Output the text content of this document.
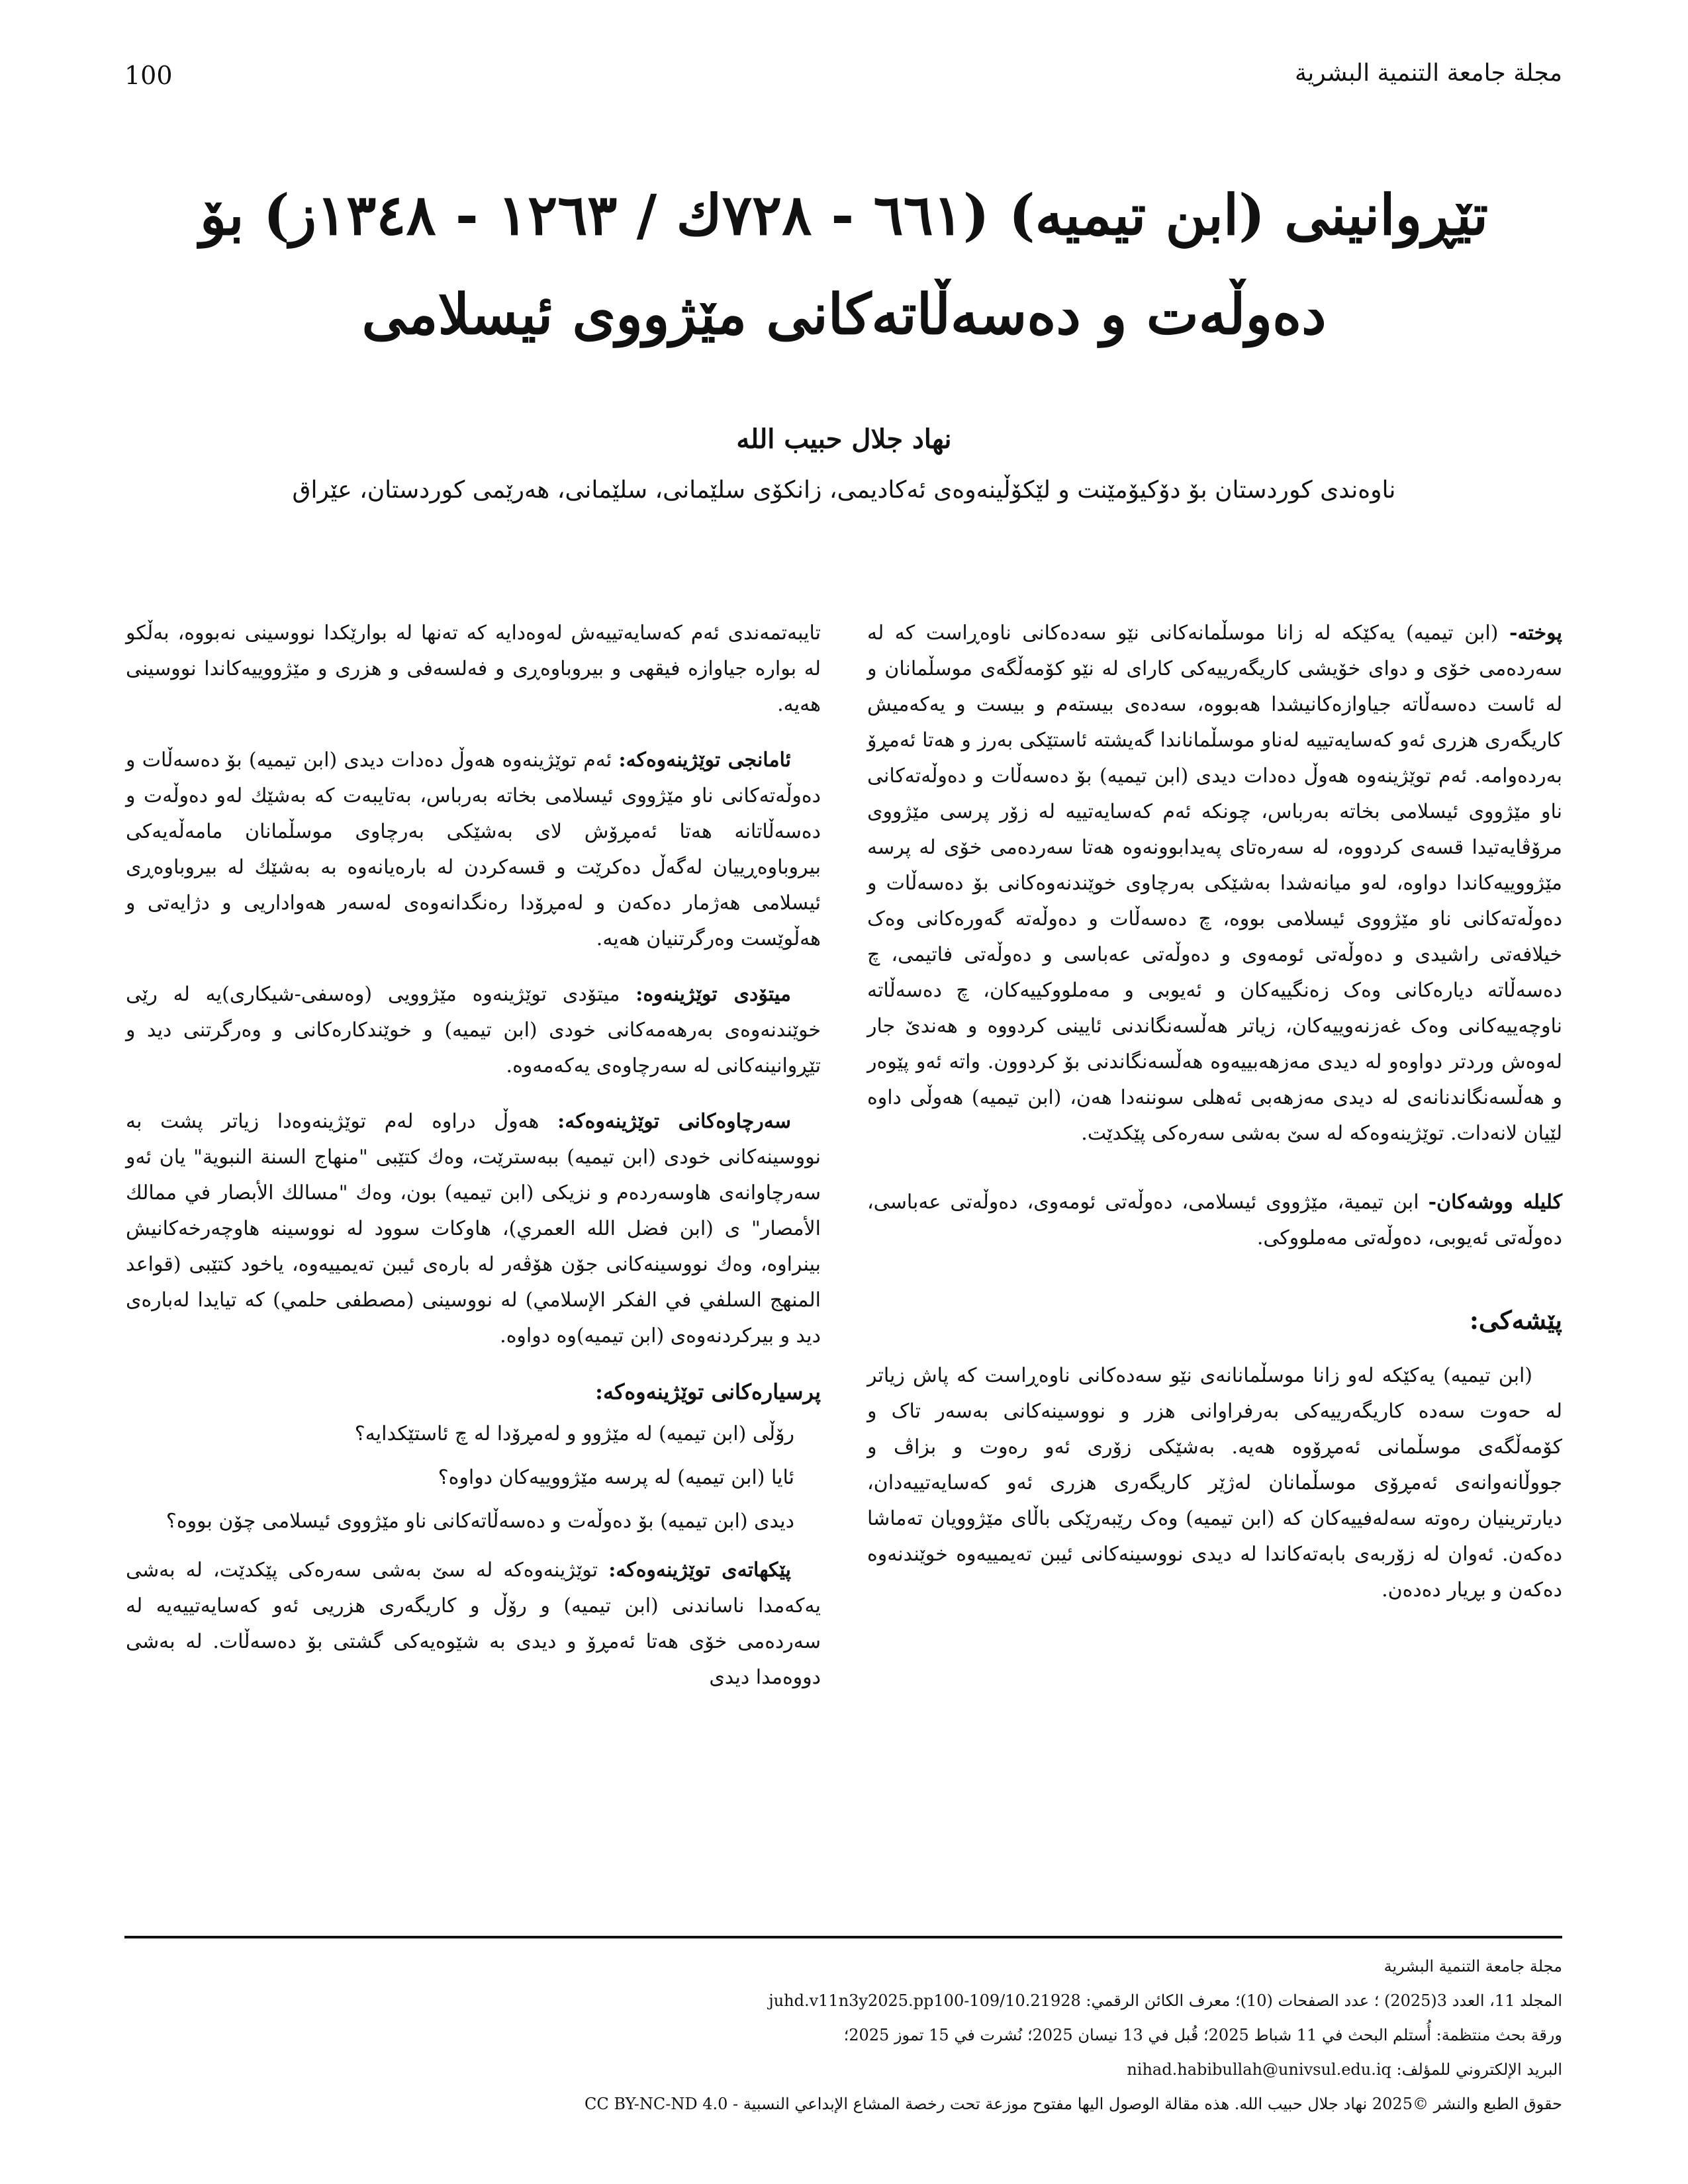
100	مجلة جامعة التنمية البشرية
تێڕوانینی (ابن تيمیه) (٦٦١ - ٧٢٨ك / ١٢٦٣ - ١٣٤٨ز) بۆ دەوڵەت و دەسەڵاتەکانی مێژووی ئیسلامی
نهاد جلال حبيب الله
ناوەندی کوردستان بۆ دۆکیۆمێنت و لێکۆڵینەوەی ئەکادیمی، زانکۆی سلێمانی، سلێمانی، هەرێمی کوردستان، عێراق

پوختە- (ابن تيمیه) یەکێکە لە زانا موسڵمانەکانی نێو سەدەکانی ناوەڕاست کە لە سەردەمی خۆی و دوای خۆیشی کاریگەرییەکی کارای لە نێو کۆمەڵگەی موسڵمانان و لە ئاست دەسەڵاتە جیاوازەکانیشدا هەبووە، سەدەی بیستەم و بیست و یەکەمیش کاریگەری هزری ئەو کەسایەتییە لەناو موسڵماناندا گەیشتە ئاستێکی بەرز و هەتا ئەمڕۆ بەردەوامە. ئەم توێژینەوە هەوڵ دەدات دیدی (ابن تيمیه) بۆ دەسەڵات و دەوڵەتەکانی ناو مێژووی ئیسلامی بخاتە بەرباس، چونکە ئەم کەسایەتییە لە زۆر پرسی مێژووی مرۆڤایەتیدا قسەی کردووە، لە سەرەتای پەیدابوونەوە هەتا سەردەمی خۆی لە پرسە مێژووییەکاندا دواوە، لەو میانەشدا بەشێکی بەرچاوی خوێندنەوەکانی بۆ دەسەڵات و دەوڵەتەکانی ناو مێژووی ئیسلامی بووە، چ دەسەڵات و دەوڵەتە گەورەکانی وەک خیلافەتی راشیدی و دەوڵەتی ئومەوی و دەوڵەتی عەباسی و دەوڵەتی فاتیمی، چ دەسەڵاتە دیارەکانی وەک زەنگییەکان و ئەیوبی و مەملووکییەکان، چ دەسەڵاتە ناوچەییەکانی وەک غەزنەوییەکان، زیاتر هەڵسەنگاندنی ئایینی کردووە و هەندێ جار لەوەش وردتر دواوەو لە دیدی مەزهەبییەوە هەڵسەنگاندنی بۆ کردوون. واتە ئەو پێوەر و هەڵسەنگاندنانەی لە دیدی مەزهەبی ئەهلی سوننەدا هەن، (ابن تيمیه) هەوڵی داوە لێیان لانەدات. توێژینەوەکە لە سێ بەشی سەرەکی پێکدێت.

کلیلە ووشەکان- ابن تيمية، مێژووی ئیسلامی، دەوڵەتی ئومەوی، دەوڵەتی عەباسی، دەوڵەتی ئەیوبی، دەوڵەتی مەملووکی.

پێشەکی:

(ابن تيمیه) یەکێکە لەو زانا موسڵمانانەی نێو سەدەکانی ناوەڕاست کە پاش زیاتر لە حەوت سەدە کاریگەرییەکی بەرفراوانی هزر و نووسینەکانی بەسەر تاک و کۆمەڵگەی موسڵمانی ئەمڕۆوە هەیە. بەشێکی زۆری ئەو رەوت و بزاڤ و جووڵانەوانەی ئەمڕۆی موسڵمانان لەژێر کاریگەری هزری ئەو کەسایەتییەدان، دیارترینیان رەوتە سەلەفییەکان کە (ابن تيمیه) وەک رێبەرێکی باڵای مێژوویان تەماشا دەکەن. ئەوان لە زۆربەی بابەتەکاندا لە دیدی نووسینەکانی ئیبن تەیمییەوە خوێندنەوە دەکەن و بڕیار دەدەن.

تایبەتمەندی ئەم کەسایەتییەش لەوەدایە کە تەنها لە بوارێکدا نووسینی نەبووە، بەڵکو لە بوارە جیاوازە فیقهی و بیروباوەڕی و فەلسەفی و هزری و مێژووییەکاندا نووسینی هەیە.

ئامانجی توێژینەوەکە: ئەم توێژینەوە هەوڵ دەدات دیدی (ابن تيمیه) بۆ دەسەڵات و دەوڵەتەکانی ناو مێژووی ئیسلامی بخاتە بەرباس، بەتایبەت کە بەشێك لەو دەوڵەت و دەسەڵاتانە هەتا ئەمڕۆش لای بەشێکی بەرچاوی موسڵمانان مامەڵەیەکی بیروباوەڕییان لەگەڵ دەکرێت و قسەکردن لە بارەیانەوە بە بەشێك لە بیروباوەڕی ئیسلامی هەژمار دەکەن و لەمڕۆدا رەنگدانەوەی لەسەر هەواداریی و دژایەتی و هەڵوێست وەرگرتنیان هەیە.

میتۆدی توێژینەوە: میتۆدی توێژینەوە مێژوویی (وەسفی-شیکاری)یە لە رێی خوێندنەوەی بەرهەمەکانی خودی (ابن تيمیه) و خوێندکارەکانی و وەرگرتنی دید و تێڕوانینەکانی لە سەرچاوەی یەکەمەوە.

سەرچاوەکانی توێژینەوەکە: هەوڵ دراوە لەم توێژینەوەدا زیاتر پشت بە نووسینەکانی خودی (ابن تيمیه) ببەسترێت، وەك كتێبی "منهاج السنة النبوية" یان ئەو سەرچاوانەی هاوسەردەم و نزیکی (ابن تيمیه) بون، وەك "مسالك الأبصار في ممالك الأمصار" ی (ابن فضل الله العمري)، هاوکات سوود لە نووسینە هاوچەرخەکانیش بینراوە، وەك نووسینەکانی جۆن هۆڤەر لە بارەی ئیبن تەیمییەوە، یاخود کتێبی (قواعد المنهج السلفي في الفكر الإسلامي) لە نووسینی (مصطفى حلمي) کە تیایدا لەبارەی دید و بیرکردنەوەی (ابن تيمیه)وە دواوە.

پرسیارەکانی توێژینەوەکە:
رۆڵی (ابن تيمیه) لە مێژوو و لەمڕۆدا لە چ ئاستێکدایە؟
ئایا (ابن تيمیه) لە پرسە مێژووییەکان دواوە؟
دیدی (ابن تيمیه) بۆ دەوڵەت و دەسەڵاتەکانی ناو مێژووی ئیسلامی چۆن بووە؟

پێکهاتەی توێژینەوەکە: توێژینەوەکە لە سێ بەشی سەرەکی پێکدێت، لە بەشی یەکەمدا ناساندنی (ابن تيمیه) و رۆڵ و کاریگەری هزریی ئەو کەسایەتییەیە لە سەردەمی خۆی هەتا ئەمڕۆ و دیدی بە شێوەیەکی گشتی بۆ دەسەڵات. لە بەشی دووەمدا دیدی

مجلة جامعة التنمية البشرية
المجلد 11، العدد 3(2025) ؛ عدد الصفحات (10)؛ معرف الكائن الرقمي: 10.21928/juhd.v11n3y2025.pp100-109
ورقة بحث منتظمة: أُستلم البحث في 11 شباط 2025؛ قُبل في 13 نيسان 2025؛ نُشرت في 15 تموز 2025؛
البريد الإلكتروني للمؤلف: nihad.habibullah@univsul.edu.iq
حقوق الطبع والنشر ©2025 نهاد جلال حبيب الله. هذه مقالة الوصول اليها مفتوح موزعة تحت رخصة المشاع الإبداعي النسبية - CC BY-NC-ND 4.0
